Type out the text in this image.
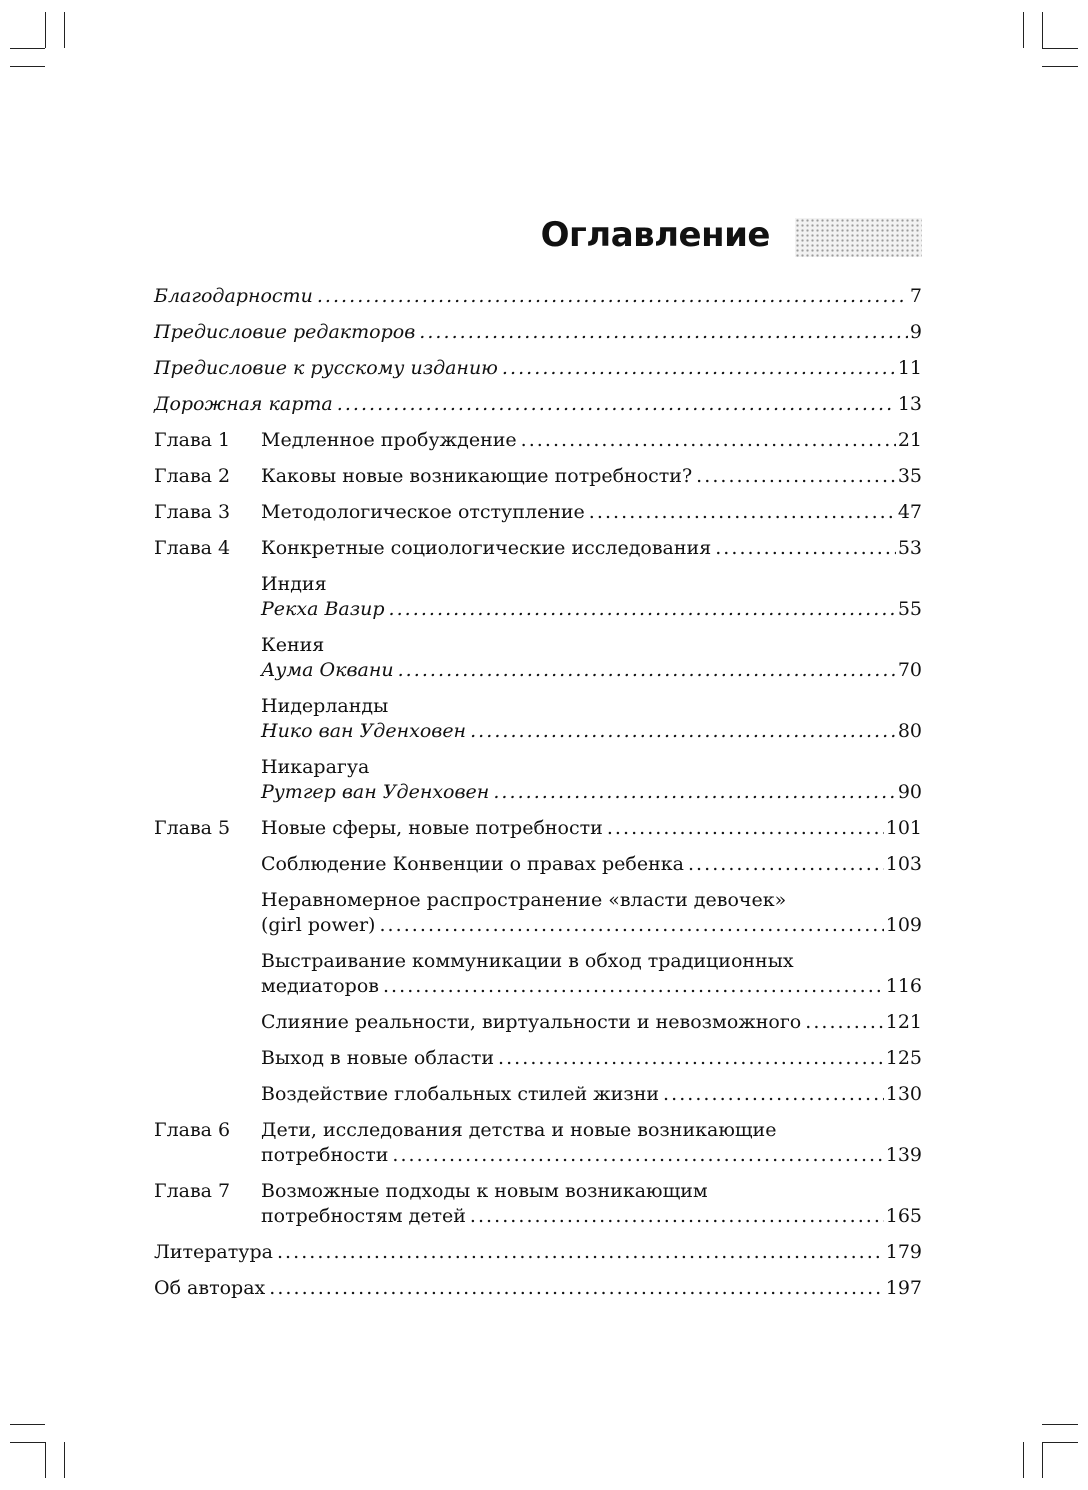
Оглавление
Благодарности . . .	7
Предисловие редакторов . . .	9
Предисловие к русскому изданию . . .	11
Дорожная карта . . .	13
Глава 1 Медленное пробуждение . . .	21
Глава 2 Каковы новые возникающие потребности? . . .	35
Глава 3 Методологическое отступление . . .	47
Глава 4 Конкретные социологические исследования . . .	53
Индия
Рекха Вазир . . .	55
Кения
Аума Оквани . . .	70
Нидерланды
Нико ван Уденховен . . .	80
Никарагуа
Рутгер ван Уденховен . . .	90
Глава 5 Новые сферы, новые потребности . . .	101
Соблюдение Конвенции о правах ребенка . . .	103
Неравномерное распространение «власти девочек»
(girl power) . . .	109
Выстраивание коммуникации в обход традиционных
медиаторов . . .	116
Слияние реальности, виртуальности и невозможного . . .	121
Выход в новые области . . .	125
Воздействие глобальных стилей жизни . . .	130
Глава 6	Дети, исследования детства и новые возникающие
потребности . . .	139
Глава 7	Возможные подходы к новым возникающим
потребностям детей . . .	165
Литература . . .	179
Об авторах . . .	197
